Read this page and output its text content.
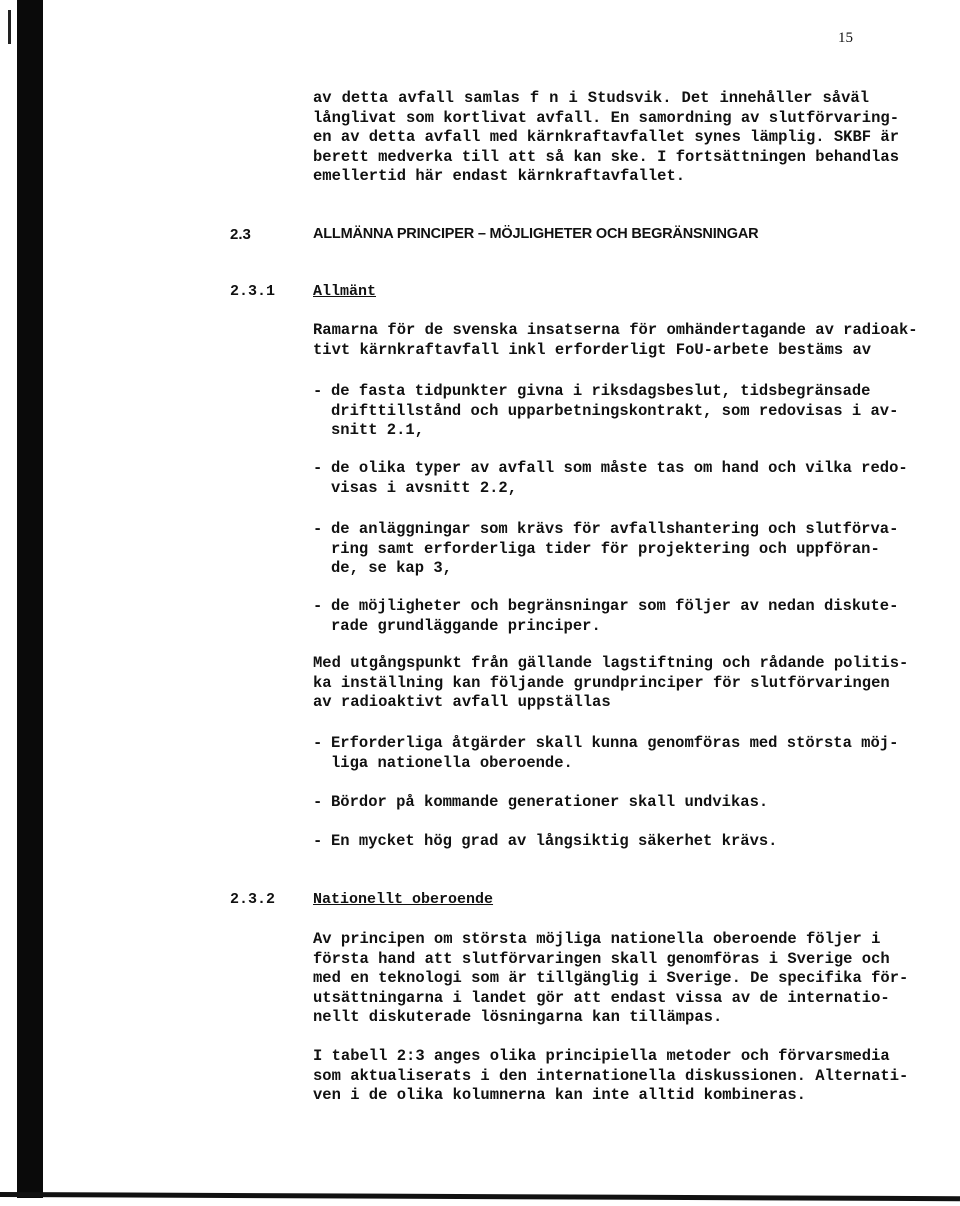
15
2.3	ALLMÄNNA PRINCIPER – MÖJLIGHETER OCH BEGRÄNSNINGAR
2.3.1	Allmänt
2.3.2	Nationellt oberoende
av detta avfall samlas f n i Studsvik. Det innehåller såväl
långlivat som kortlivat avfall. En samordning av slutförvaring-
en av detta avfall med kärnkraftavfallet synes lämplig. SKBF är
berett medverka till att så kan ske. I fortsättningen behandlas
emellertid här endast kärnkraftavfallet.
Ramarna för de svenska insatserna för omhändertagande av radioak-
tivt kärnkraftavfall inkl erforderligt FoU-arbete bestäms av
- de fasta tidpunkter givna i riksdagsbeslut, tidsbegränsade
drifttillstånd och upparbetningskontrakt, som redovisas i av-
snitt 2.1,
- de olika typer av avfall som måste tas om hand och vilka redo-
visas i avsnitt 2.2,
- de anläggningar som krävs för avfallshantering och slutförva-
ring samt erforderliga tider för projektering och uppföran-
de, se kap 3,
- de möjligheter och begränsningar som följer av nedan diskute-
rade grundläggande principer.
Med utgångspunkt från gällande lagstiftning och rådande politis-
ka inställning kan följande grundprinciper för slutförvaringen
av radioaktivt avfall uppställas
- Erforderliga åtgärder skall kunna genomföras med största möj-
liga nationella oberoende.
- Bördor på kommande generationer skall undvikas.
- En mycket hög grad av långsiktig säkerhet krävs.
Av principen om största möjliga nationella oberoende följer i
första hand att slutförvaringen skall genomföras i Sverige och
med en teknologi som är tillgänglig i Sverige. De specifika för-
utsättningarna i landet gör att endast vissa av de internatio-
nellt diskuterade lösningarna kan tillämpas.
I tabell 2:3 anges olika principiella metoder och förvarsmedia
som aktualiserats i den internationella diskussionen. Alternati-
ven i de olika kolumnerna kan inte alltid kombineras.
